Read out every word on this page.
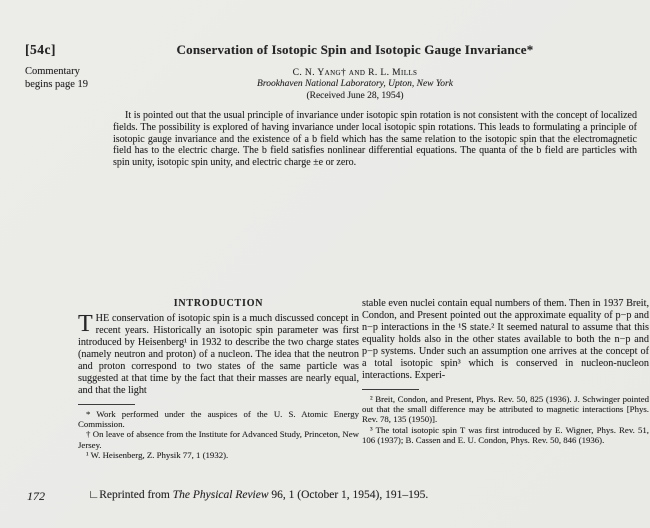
[54c]
Commentary begins page 19
Conservation of Isotopic Spin and Isotopic Gauge Invariance*
C. N. Yang† and R. L. Mills
Brookhaven National Laboratory, Upton, New York
(Received June 28, 1954)
It is pointed out that the usual principle of invariance under isotopic spin rotation is not consistent with the concept of localized fields. The possibility is explored of having invariance under local isotopic spin rotations. This leads to formulating a principle of isotopic gauge invariance and the existence of a b field which has the same relation to the isotopic spin that the electromagnetic field has to the electric charge. The b field satisfies nonlinear differential equations. The quanta of the b field are particles with spin unity, isotopic spin unity, and electric charge ±e or zero.
INTRODUCTION
THE conservation of isotopic spin is a much discussed concept in recent years. Historically an isotopic spin parameter was first introduced by Heisenberg¹ in 1932 to describe the two charge states (namely neutron and proton) of a nucleon. The idea that the neutron and proton correspond to two states of the same particle was suggested at that time by the fact that their masses are nearly equal, and that the light
* Work performed under the auspices of the U. S. Atomic Energy Commission.
† On leave of absence from the Institute for Advanced Study, Princeton, New Jersey.
¹ W. Heisenberg, Z. Physik 77, 1 (1932).
stable even nuclei contain equal numbers of them. Then in 1937 Breit, Condon, and Present pointed out the approximate equality of p−p and n−p interactions in the ¹S state.² It seemed natural to assume that this equality holds also in the other states available to both the n−p and p−p systems. Under such an assumption one arrives at the concept of a total isotopic spin³ which is conserved in nucleon-nucleon interactions. Experi-
² Breit, Condon, and Present, Phys. Rev. 50, 825 (1936). J. Schwinger pointed out that the small difference may be attributed to magnetic interactions [Phys. Rev. 78, 135 (1950)].
³ The total isotopic spin T was first introduced by E. Wigner, Phys. Rev. 51, 106 (1937); B. Cassen and E. U. Condon, Phys. Rev. 50, 846 (1936).
172	∟Reprinted from The Physical Review 96, 1 (October 1, 1954), 191–195.
